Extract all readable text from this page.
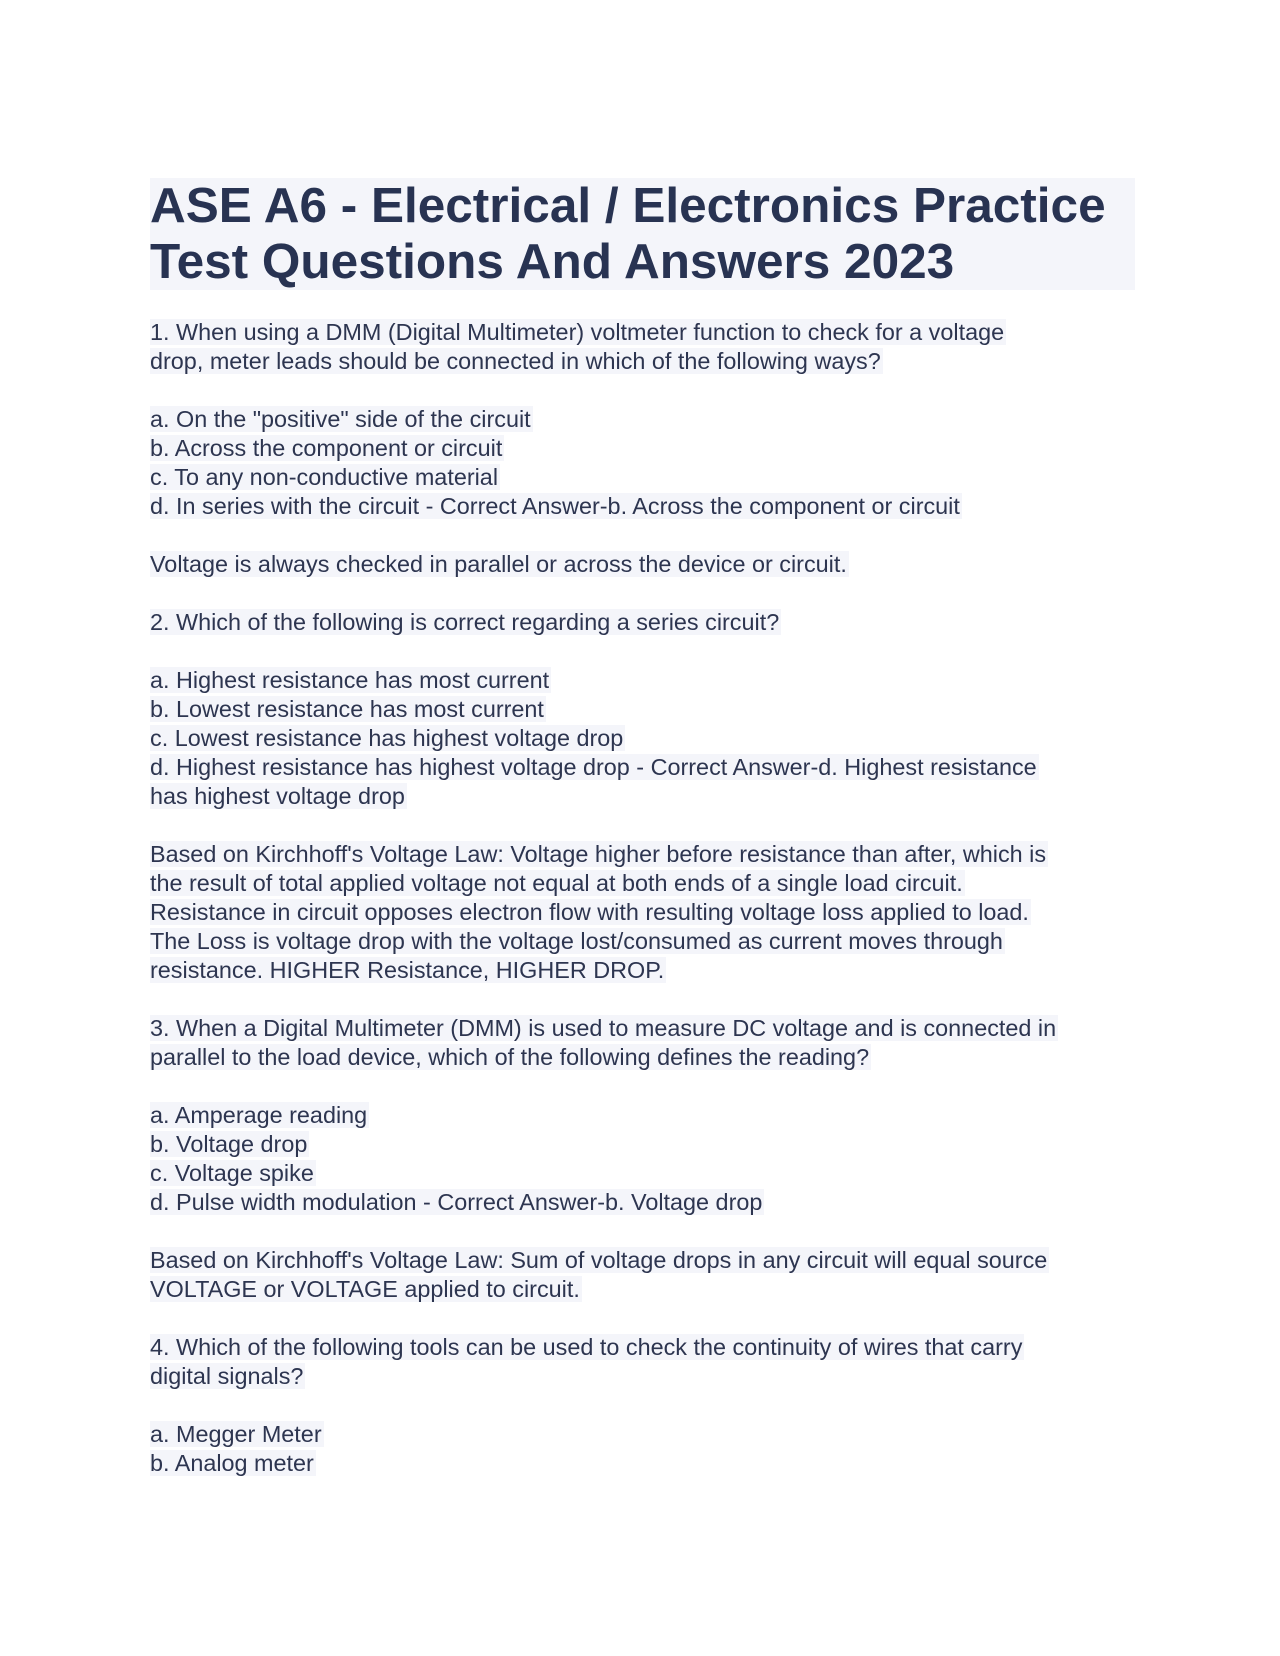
ASE A6 - Electrical / Electronics Practice Test Questions And Answers 2023
1. When using a DMM (Digital Multimeter) voltmeter function to check for a voltage
drop, meter leads should be connected in which of the following ways?
a. On the "positive" side of the circuit
b. Across the component or circuit
c. To any non-conductive material
d. In series with the circuit - Correct Answer-b. Across the component or circuit
Voltage is always checked in parallel or across the device or circuit.
2. Which of the following is correct regarding a series circuit?
a. Highest resistance has most current
b. Lowest resistance has most current
c. Lowest resistance has highest voltage drop
d. Highest resistance has highest voltage drop - Correct Answer-d. Highest resistance
has highest voltage drop
Based on Kirchhoff's Voltage Law: Voltage higher before resistance than after, which is
the result of total applied voltage not equal at both ends of a single load circuit.
Resistance in circuit opposes electron flow with resulting voltage loss applied to load.
The Loss is voltage drop with the voltage lost/consumed as current moves through
resistance. HIGHER Resistance, HIGHER DROP.
3. When a Digital Multimeter (DMM) is used to measure DC voltage and is connected in
parallel to the load device, which of the following defines the reading?
a. Amperage reading
b. Voltage drop
c. Voltage spike
d. Pulse width modulation - Correct Answer-b. Voltage drop
Based on Kirchhoff's Voltage Law: Sum of voltage drops in any circuit will equal source
VOLTAGE or VOLTAGE applied to circuit.
4. Which of the following tools can be used to check the continuity of wires that carry
digital signals?
a. Megger Meter
b. Analog meter
